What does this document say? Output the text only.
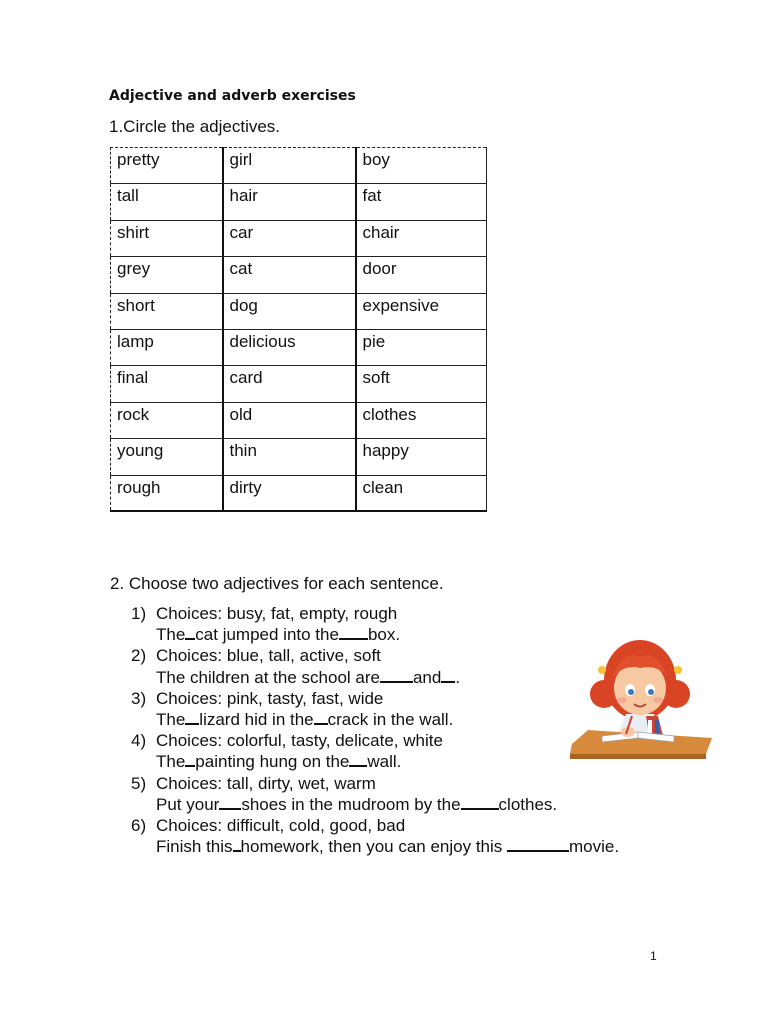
Adjective and adverb exercises
1.Circle the adjectives.
pretty	girl	boy
tall	hair	fat
shirt	car	chair
grey	cat	door
short	dog	expensive
lamp	delicious	pie
final	card	soft
rock	old	clothes
young	thin	happy
rough	dirty	clean
2. Choose two adjectives for each sentence.
1) Choices: busy, fat, empty, rough
The cat jumped into the box.
2) Choices: blue, tall, active, soft
The children at the school are and .
3) Choices: pink, tasty, fast, wide
The lizard hid in the crack in the wall.
4) Choices: colorful, tasty, delicate, white
The painting hung on the wall.
5) Choices: tall, dirty, wet, warm
Put your shoes in the mudroom by the clothes.
6) Choices: difficult, cold, good, bad
Finish this homework, then you can enjoy this	movie.
1
